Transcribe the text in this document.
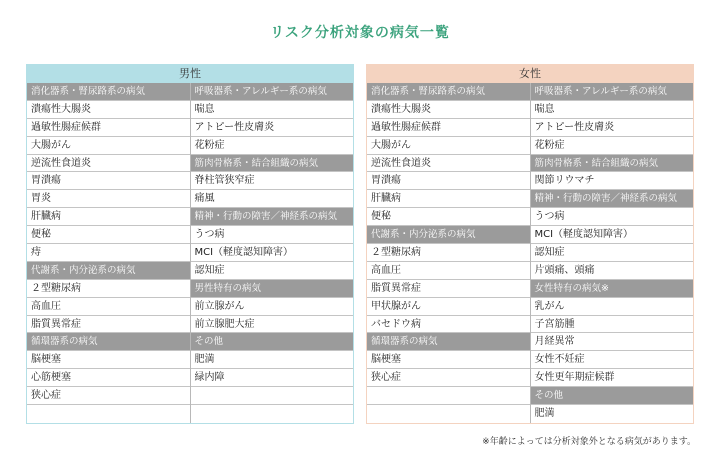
リスク分析対象の病気一覧
男性
消化器系・腎尿路系の病気
潰瘍性大腸炎
過敏性腸症候群
大腸がん
逆流性食道炎
胃潰瘍
胃炎
肝臓病
便秘
痔
代謝系・内分泌系の病気
２型糖尿病
高血圧
脂質異常症
循環器系の病気
脳梗塞
心筋梗塞
狭心症
呼吸器系・アレルギー系の病気
喘息
アトピー性皮膚炎
花粉症
筋肉骨格系・結合組織の病気
脊柱管狭窄症
痛風
精神・行動の障害／神経系の病気
うつ病
MCI（軽度認知障害）
認知症
男性特有の病気
前立腺がん
前立腺肥大症
その他
肥満
緑内障
女性
消化器系・腎尿路系の病気
潰瘍性大腸炎
過敏性腸症候群
大腸がん
逆流性食道炎
胃潰瘍
肝臓病
便秘
代謝系・内分泌系の病気
２型糖尿病
高血圧
脂質異常症
甲状腺がん
バセドウ病
循環器系の病気
脳梗塞
狭心症
呼吸器系・アレルギー系の病気
喘息
アトピー性皮膚炎
花粉症
筋肉骨格系・結合組織の病気
関節リウマチ
精神・行動の障害／神経系の病気
うつ病
MCI（軽度認知障害）
認知症
片頭痛、頭痛
女性特有の病気※
乳がん
子宮筋腫
月経異常
女性不妊症
女性更年期症候群
その他
肥満
※年齢によっては分析対象外となる病気があります。
